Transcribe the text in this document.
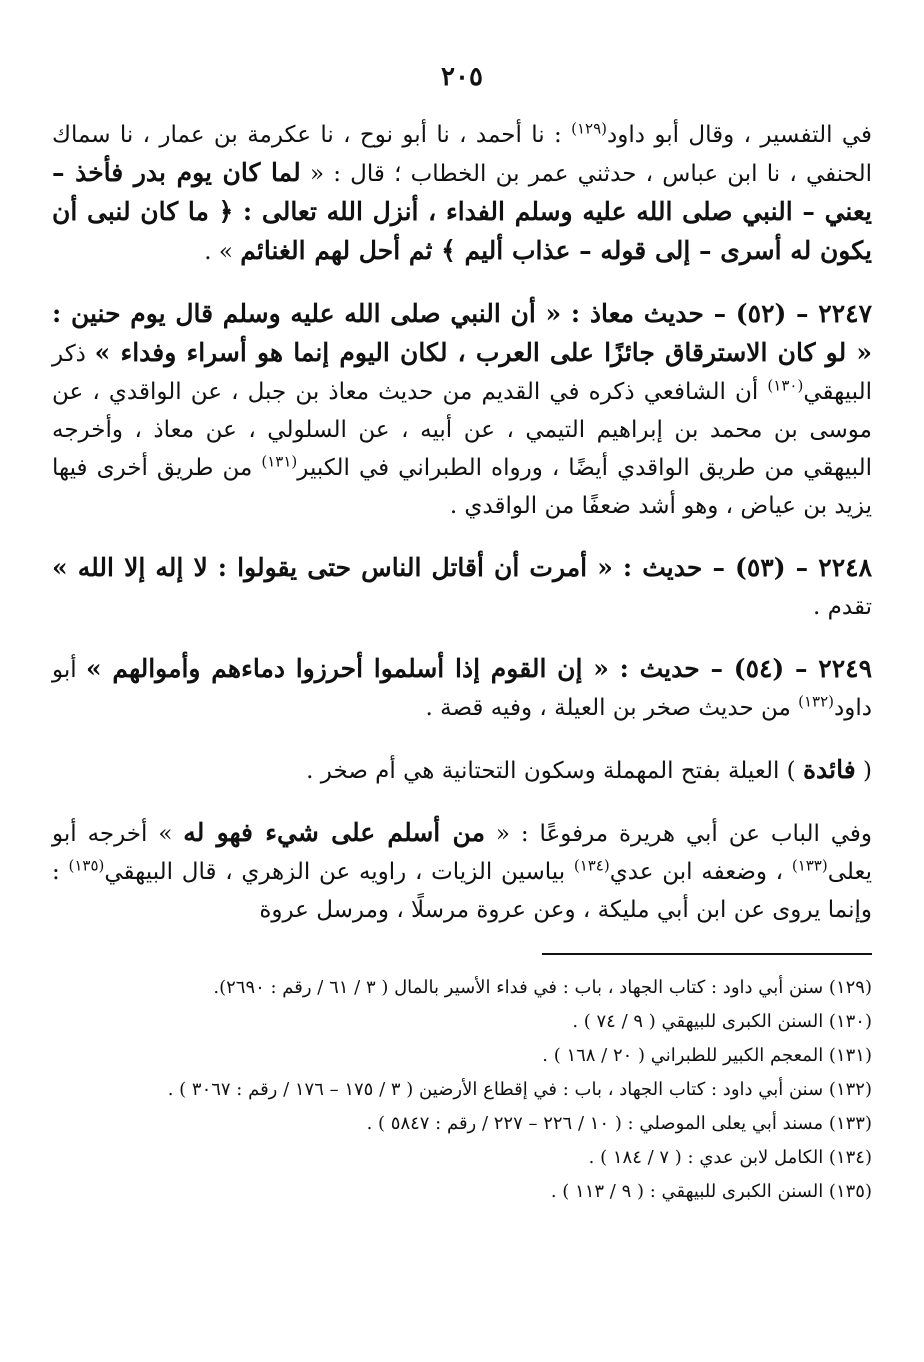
٢٠٥

في التفسير ، وقال أبو داود$^{(١٢٩)}$ : نا أحمد ، نا أبو نوح ، نا عكرمة بن عمار ، نا سماك الحنفي ، نا ابن عباس ، حدثني عمر بن الخطاب ؛ قال : « لما كان يوم بدر فأخذ – يعني – النبي صلى الله عليه وسلم الفداء ، أنزل الله تعالى : ﴿ ما كان لنبى أن يكون له أسرى – إلى قوله – عذاب أليم ﴾ ثم أحل لهم الغنائم » .

٢٢٤٧ – (٥٢) – حديث معاذ : « أن النبي صلى الله عليه وسلم قال يوم حنين : « لو كان الاسترقاق جائزًا على العرب ، لكان اليوم إنما هو أسراء وفداء » ذكر البيهقي$^{(١٣٠)}$ أن الشافعي ذكره في القديم من حديث معاذ بن جبل ، عن الواقدي ، عن موسى بن محمد بن إبراهيم التيمي ، عن أبيه ، عن السلولي ، عن معاذ ، وأخرجه البيهقي من طريق الواقدي أيضًا ، ورواه الطبراني في الكبير$^{(١٣١)}$ من طريق أخرى فيها يزيد بن عياض ، وهو أشد ضعفًا من الواقدي .

٢٢٤٨ – (٥٣) – حديث : « أمرت أن أقاتل الناس حتى يقولوا : لا إله إلا الله » تقدم .

٢٢٤٩ – (٥٤) – حديث : « إن القوم إذا أسلموا أحرزوا دماءهم وأموالهم » أبو داود$^{(١٣٢)}$ من حديث صخر بن العيلة ، وفيه قصة .

( فائدة ) العيلة بفتح المهملة وسكون التحتانية هي أم صخر .

وفي الباب عن أبي هريرة مرفوعًا : « من أسلم على شيء فهو له » أخرجه أبو يعلى$^{(١٣٣)}$ ، وضعفه ابن عدي$^{(١٣٤)}$ بياسين الزيات ، راويه عن الزهري ، قال البيهقي$^{(١٣٥)}$ : وإنما يروى عن ابن أبي مليكة ، وعن عروة مرسلًا ، ومرسل عروة

(١٢٩) سنن أبي داود : كتاب الجهاد ، باب : في فداء الأسير بالمال ( ٣ / ٦١ / رقم : ٢٦٩٠).
(١٣٠) السنن الكبرى للبيهقي ( ٩ / ٧٤ ) .
(١٣١) المعجم الكبير للطبراني ( ٢٠ / ١٦٨ ) .
(١٣٢) سنن أبي داود : كتاب الجهاد ، باب : في إقطاع الأرضين ( ٣ / ١٧٥ – ١٧٦ / رقم : ٣٠٦٧ ) .
(١٣٣) مسند أبي يعلى الموصلي : ( ١٠ / ٢٢٦ – ٢٢٧ / رقم : ٥٨٤٧ ) .
(١٣٤) الكامل لابن عدي : ( ٧ / ١٨٤ ) .
(١٣٥) السنن الكبرى للبيهقي : ( ٩ / ١١٣ ) .
